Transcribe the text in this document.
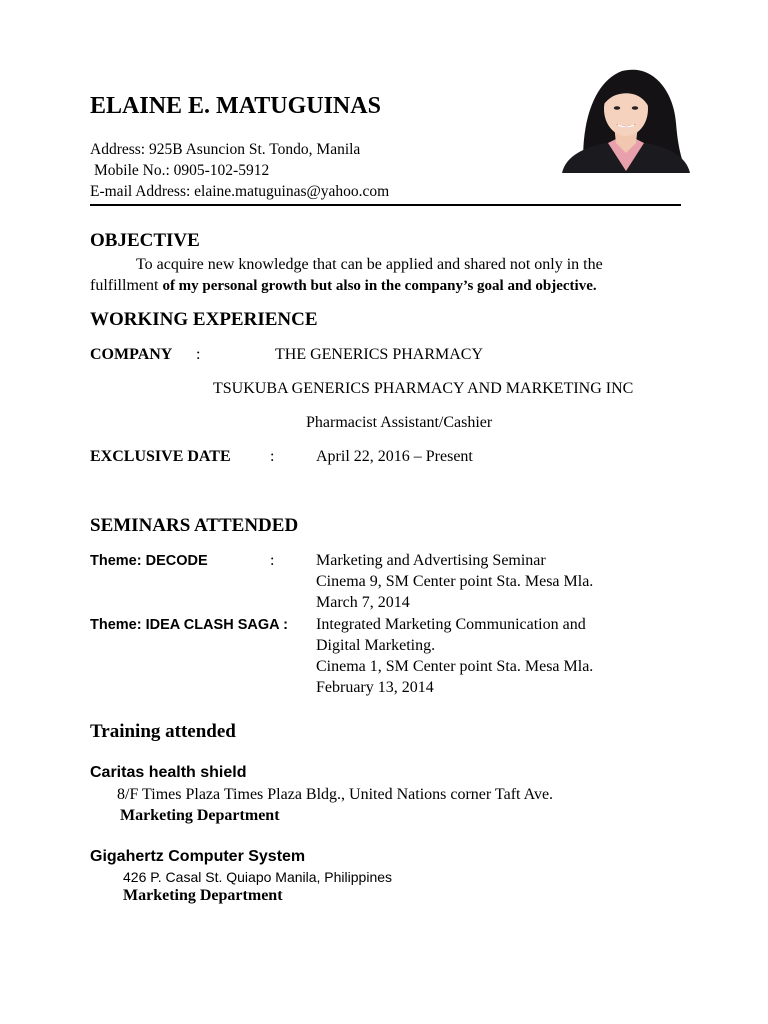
ELAINE E. MATUGUINAS
Address: 925B Asuncion St. Tondo, Manila
Mobile No.: 0905-102-5912
E-mail Address: elaine.matuguinas@yahoo.com
OBJECTIVE
To acquire new knowledge that can be applied and shared not only in the
fulfillment of my personal growth but also in the company’s goal and objective.
WORKING EXPERIENCE
COMPANY :	THE GENERICS PHARMACY
TSUKUBA GENERICS PHARMACY AND MARKETING INC
Pharmacist Assistant/Cashier
EXCLUSIVE DATE :	April 22, 2016 – Present
SEMINARS ATTENDED
Theme: DECODE	:	Marketing and Advertising Seminar
Cinema 9, SM Center point Sta. Mesa Mla.
March 7, 2014
Theme: IDEA CLASH SAGA : Integrated Marketing Communication and
Digital Marketing.
Cinema 1, SM Center point Sta. Mesa Mla.
February 13, 2014
Training attended
Caritas health shield
8/F Times Plaza Times Plaza Bldg., United Nations corner Taft Ave.
Marketing Department
Gigahertz Computer System
426 P. Casal St. Quiapo Manila, Philippines
Marketing Department
